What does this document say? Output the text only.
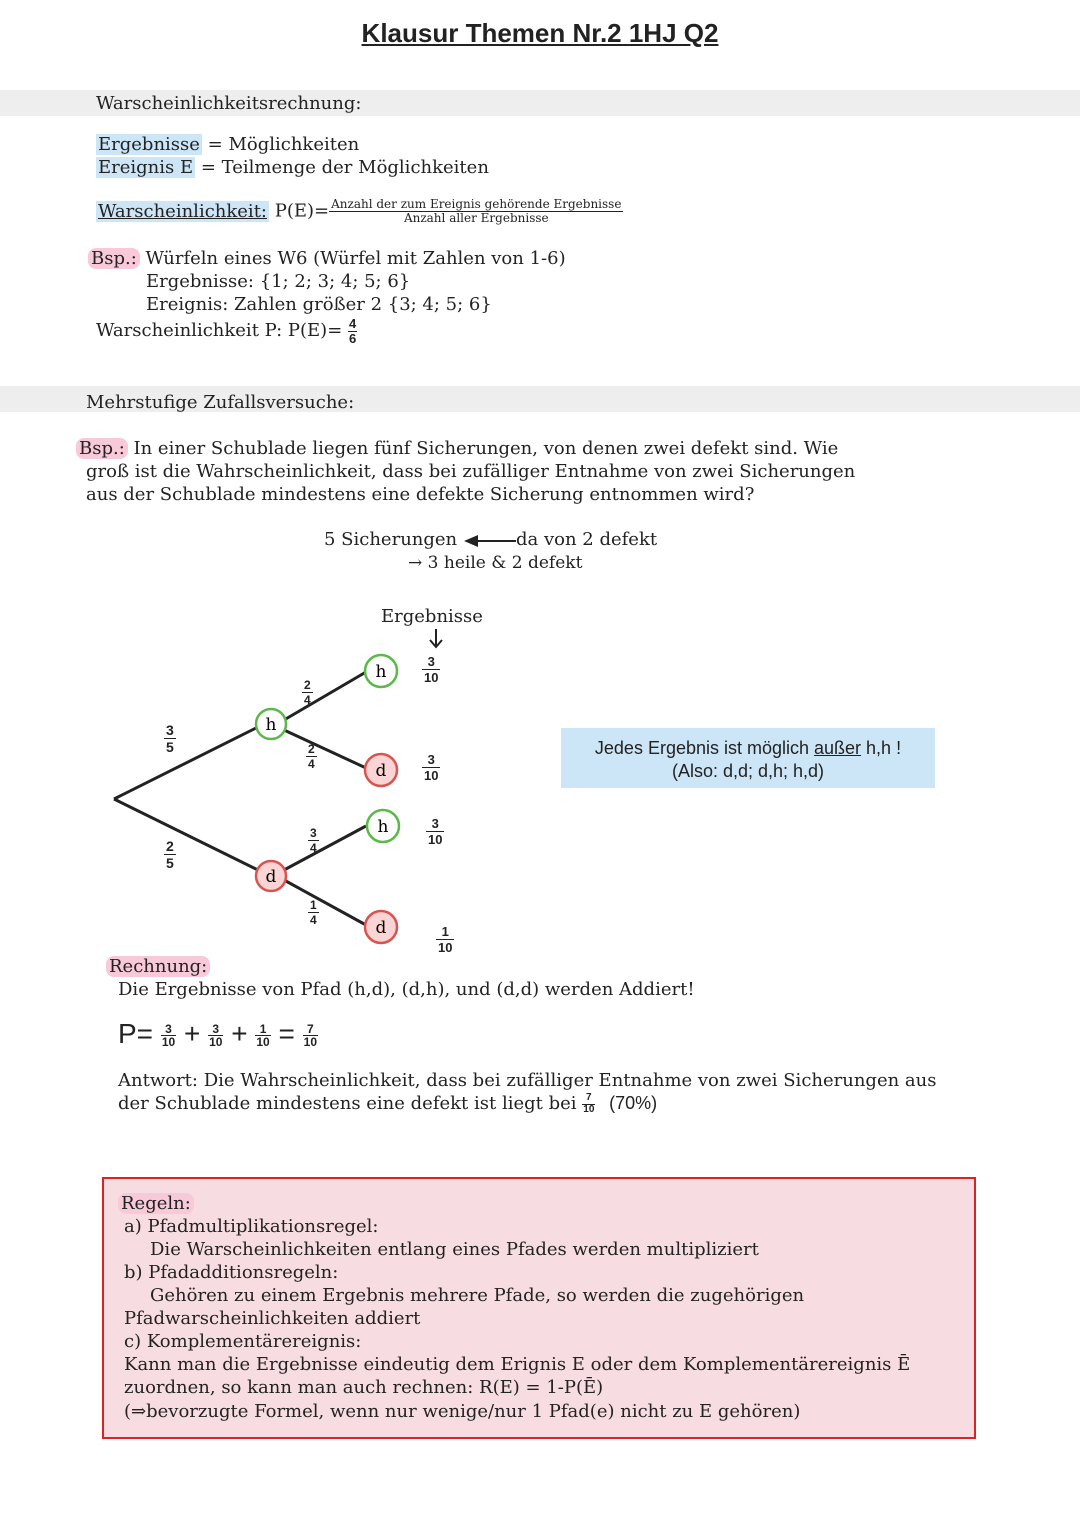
Klausur Themen Nr.2 1HJ Q2
Warscheinlichkeitsrechnung:
Ergebnisse = Möglichkeiten
Ereignis E = Teilmenge der Möglichkeiten
Warscheinlichkeit: $P(E)= \frac{\text{Anzahl der zum Ereignis gehörende Ergebnisse}}{\text{Anzahl aller Ergebnisse}}$
Bsp.: Würfeln eines W6 (Würfel mit Zahlen von 1-6)
Ergebnisse: {1; 2; 3; 4; 5; 6}
Ereignis: Zahlen größer 2 {3; 4; 5; 6}
Warscheinlichkeit P: $P(E)= \frac{4}{6}$
Mehrstufige Zufallsversuche:
Bsp.: In einer Schublade liegen fünf Sicherungen, von denen zwei defekt sind. Wie
groß ist die Wahrscheinlichkeit, dass bei zufälliger Entnahme von zwei Sicherungen
aus der Schublade mindestens eine defekte Sicherung entnommen wird?
5 Sicherungen	da von 2 defekt
→ 3 heile & 2 defekt
Ergebnisse
h
d
h
d
h
d
$\frac{3}{5}$
$\frac{2}{5}$
$\frac{2}{4}$
$\frac{2}{4}$
$\frac{3}{4}$
$\frac{1}{4}$
$\frac{3}{10}$
$\frac{3}{10}$
$\frac{3}{10}$
$\frac{1}{10}$
Jedes Ergebnis ist möglich außer h,h !
(Also: d,d; d,h; h,d)
Rechnung:
Die Ergebnisse von Pfad (h,d), (d,h), und (d,d) werden Addiert!
$P= \frac{3}{10} + \frac{3}{10} + \frac{1}{10} = \frac{7}{10}$
Antwort: Die Wahrscheinlichkeit, dass bei zufälliger Entnahme von zwei Sicherungen aus
der Schublade mindestens eine defekt ist liegt bei $\frac{7}{10} (70\%)$
Regeln:
a) Pfadmultiplikationsregel:
Die Warscheinlichkeiten entlang eines Pfades werden multipliziert
b) Pfadadditionsregeln:
Gehören zu einem Ergebnis mehrere Pfade, so werden die zugehörigen
Pfadwarscheinlichkeiten addiert
c) Komplementärereignis:
Kann man die Ergebnisse eindeutig dem Erignis E oder dem Komplementärereignis Ē
zuordnen, so kann man auch rechnen: R(E) = 1-P(Ē)
(⇒bevorzugte Formel, wenn nur wenige/nur 1 Pfad(e) nicht zu E gehören)
